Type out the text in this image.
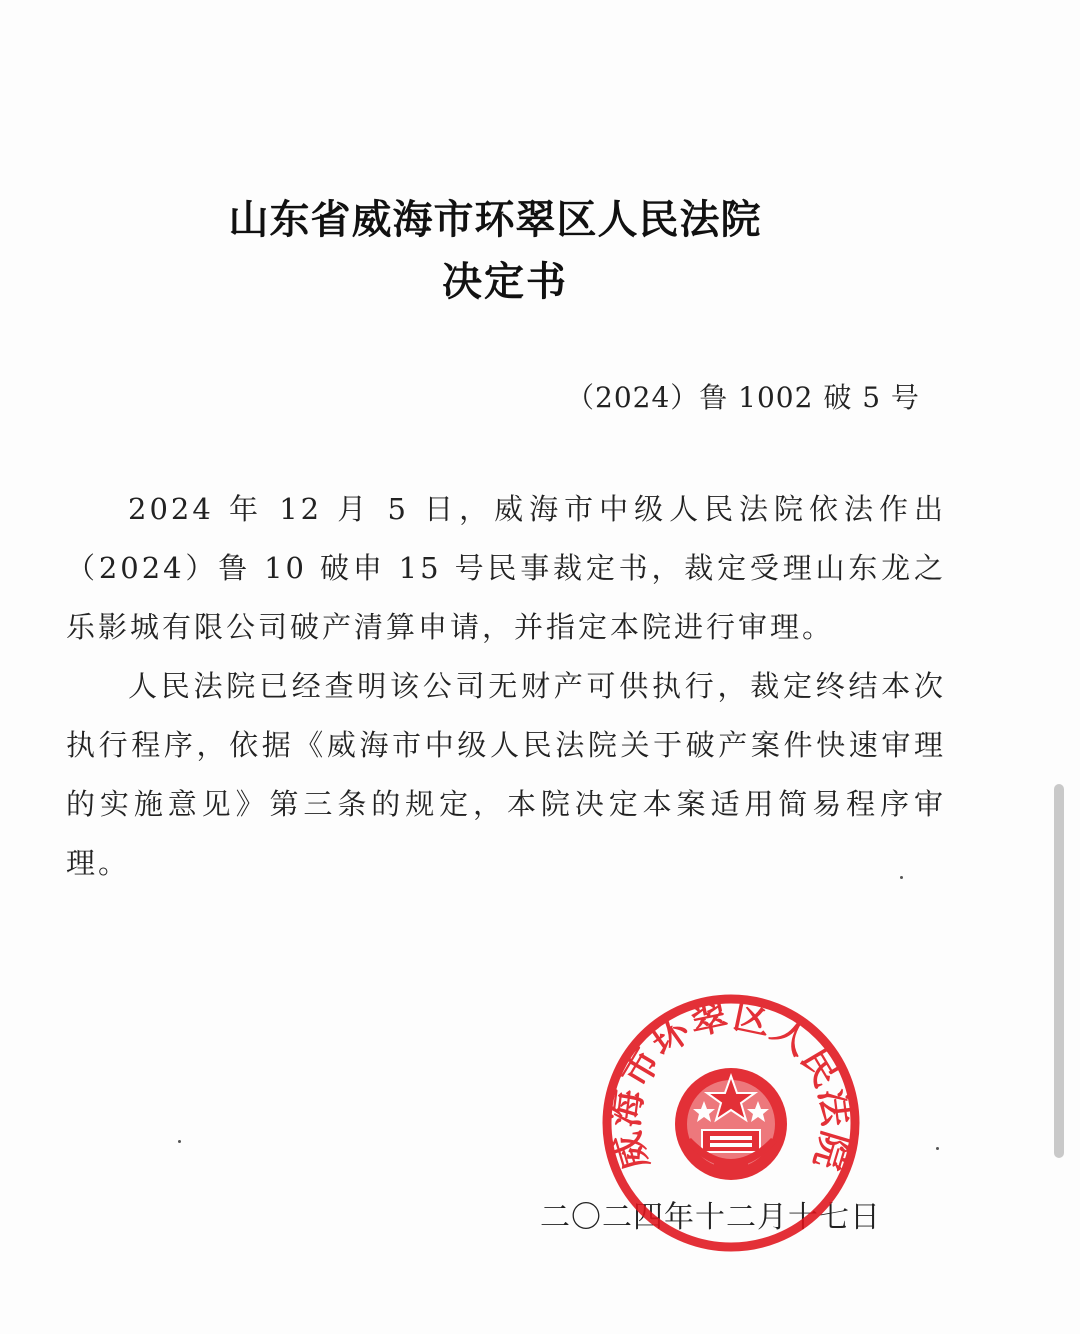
山东省威海市环翠区人民法院
决定书
（2024）鲁 1002 破 5 号

2024 年 12 月 5 日，威海市中级人民法院依法作出（2024）鲁 10 破申 15 号民事裁定书，裁定受理山东龙之乐影城有限公司破产清算申请，并指定本院进行审理。

人民法院已经查明该公司无财产可供执行，裁定终结本次执行程序，依据《威海市中级人民法院关于破产案件快速审理的实施意见》第三条的规定，本院决定本案适用简易程序审理。

二〇二四年十二月十七日
威海市环翠区人民法院
